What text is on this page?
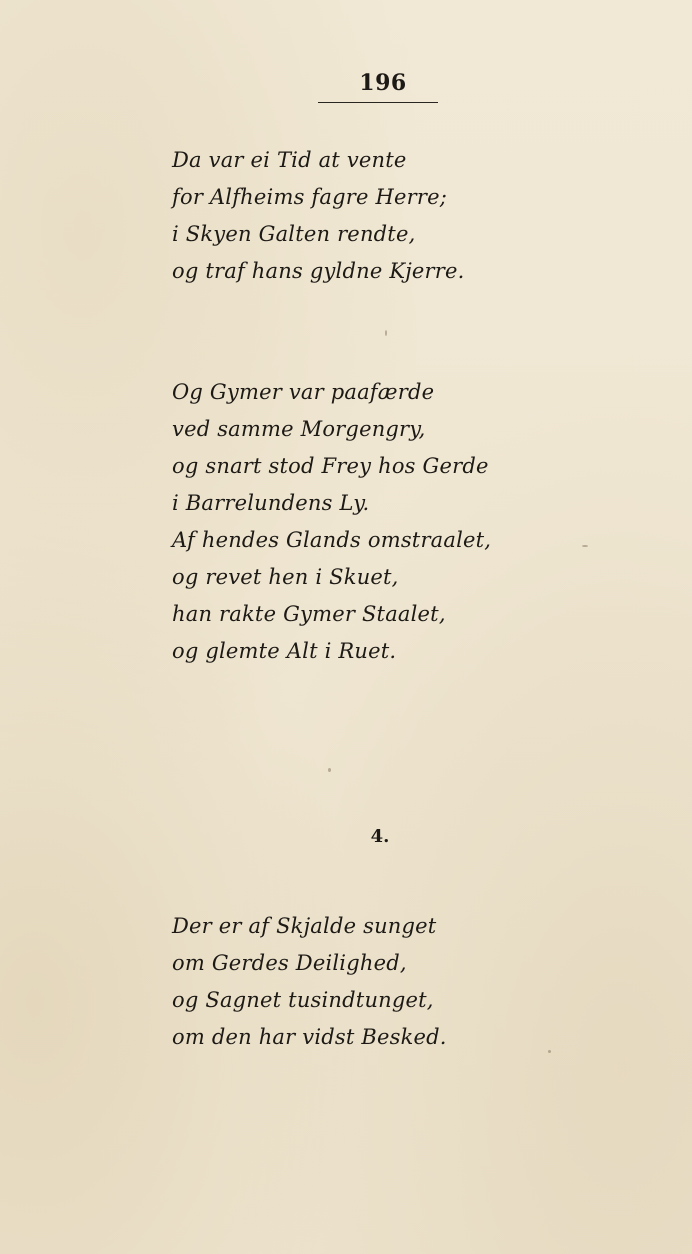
196
Da var ei Tid at vente
for Alfheims fagre Herre;
i Skyen Galten rendte,
og traf hans gyldne Kjerre.
Og Gymer var paafærde
ved samme Morgengry,
og snart stod Frey hos Gerde
i Barrelundens Ly.
Af hendes Glands omstraalet,
og revet hen i Skuet,
han rakte Gymer Staalet,
og glemte Alt i Ruet.
4.
Der er af Skjalde sunget
om Gerdes Deilighed,
og Sagnet tusindtunget,
om den har vidst Besked.
